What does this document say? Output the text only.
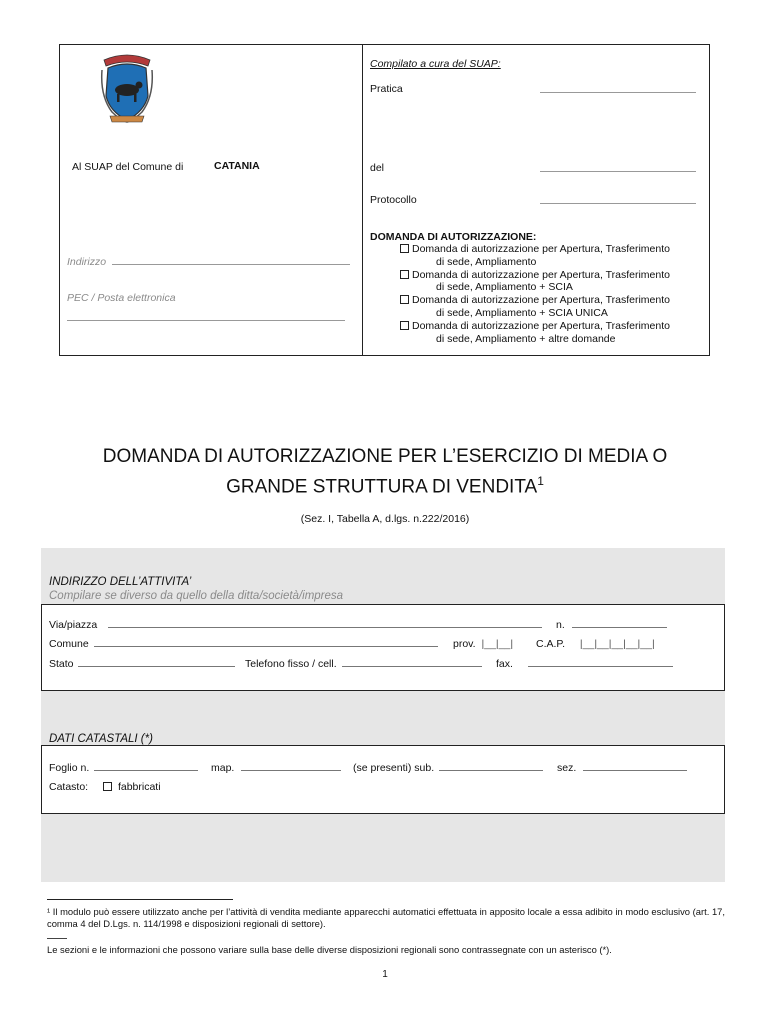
Al SUAP del Comune di	CATANIA
Indirizzo
PEC / Posta elettronica
Compilato a cura del SUAP:
Pratica
del
Protocollo
DOMANDA DI AUTORIZZAZIONE:
Domanda di autorizzazione per Apertura, Trasferimento
di sede, Ampliamento
Domanda di autorizzazione per Apertura, Trasferimento
di sede, Ampliamento + SCIA
Domanda di autorizzazione per Apertura, Trasferimento
di sede, Ampliamento + SCIA UNICA
Domanda di autorizzazione per Apertura, Trasferimento
di sede, Ampliamento + altre domande
DOMANDA DI AUTORIZZAZIONE PER L’ESERCIZIO DI MEDIA O
GRANDE STRUTTURA DI VENDITA$^1$
(Sez. I, Tabella A, d.lgs. n.222/2016)
INDIRIZZO DELL’ATTIVITA’
Compilare se diverso da quello della ditta/società/impresa
Via/piazza	n.
Comune	prov. |__|__| C.A.P. |__|__|__|__|__|
Stato	Telefono fisso / cell.	fax.
DATI CATASTALI (*)
Foglio n.	map.	(se presenti) sub.	sez.
Catasto:	fabbricati
¹ Il modulo può essere utilizzato anche per l’attività di vendita mediante apparecchi automatici effettuata in apposito locale a essa adibito in modo esclusivo (art. 17, comma 4 del D.Lgs. n. 114/1998 e disposizioni regionali di settore).
Le sezioni e le informazioni che possono variare sulla base delle diverse disposizioni regionali sono contrassegnate con un asterisco (*).
1
